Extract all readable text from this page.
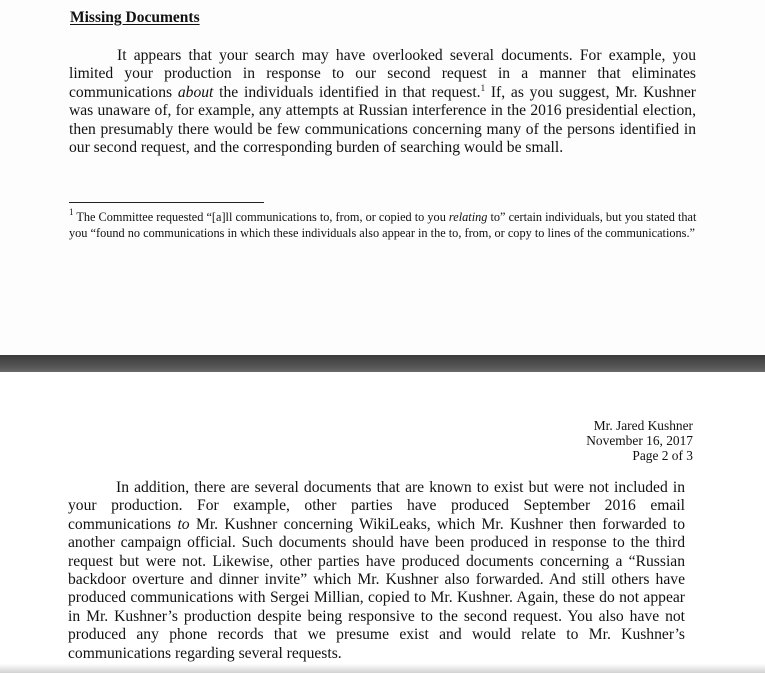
Missing Documents

It appears that your search may have overlooked several documents. For example, you limited your production in response to our second request in a manner that eliminates communications about the individuals identified in that request.$^1$ If, as you suggest, Mr. Kushner was unaware of, for example, any attempts at Russian interference in the 2016 presidential election, then presumably there would be few communications concerning many of the persons identified in our second request, and the corresponding burden of searching would be small.

$^1$ The Committee requested “[a]ll communications to, from, or copied to you relating to” certain individuals, but you stated that you “found no communications in which these individuals also appear in the to, from, or copy to lines of the communications.”

Mr. Jared Kushner
November 16, 2017
Page 2 of 3

In addition, there are several documents that are known to exist but were not included in your production. For example, other parties have produced September 2016 email communications to Mr. Kushner concerning WikiLeaks, which Mr. Kushner then forwarded to another campaign official. Such documents should have been produced in response to the third request but were not. Likewise, other parties have produced documents concerning a “Russian backdoor overture and dinner invite” which Mr. Kushner also forwarded. And still others have produced communications with Sergei Millian, copied to Mr. Kushner. Again, these do not appear in Mr. Kushner’s production despite being responsive to the second request. You also have not produced any phone records that we presume exist and would relate to Mr. Kushner’s communications regarding several requests.
